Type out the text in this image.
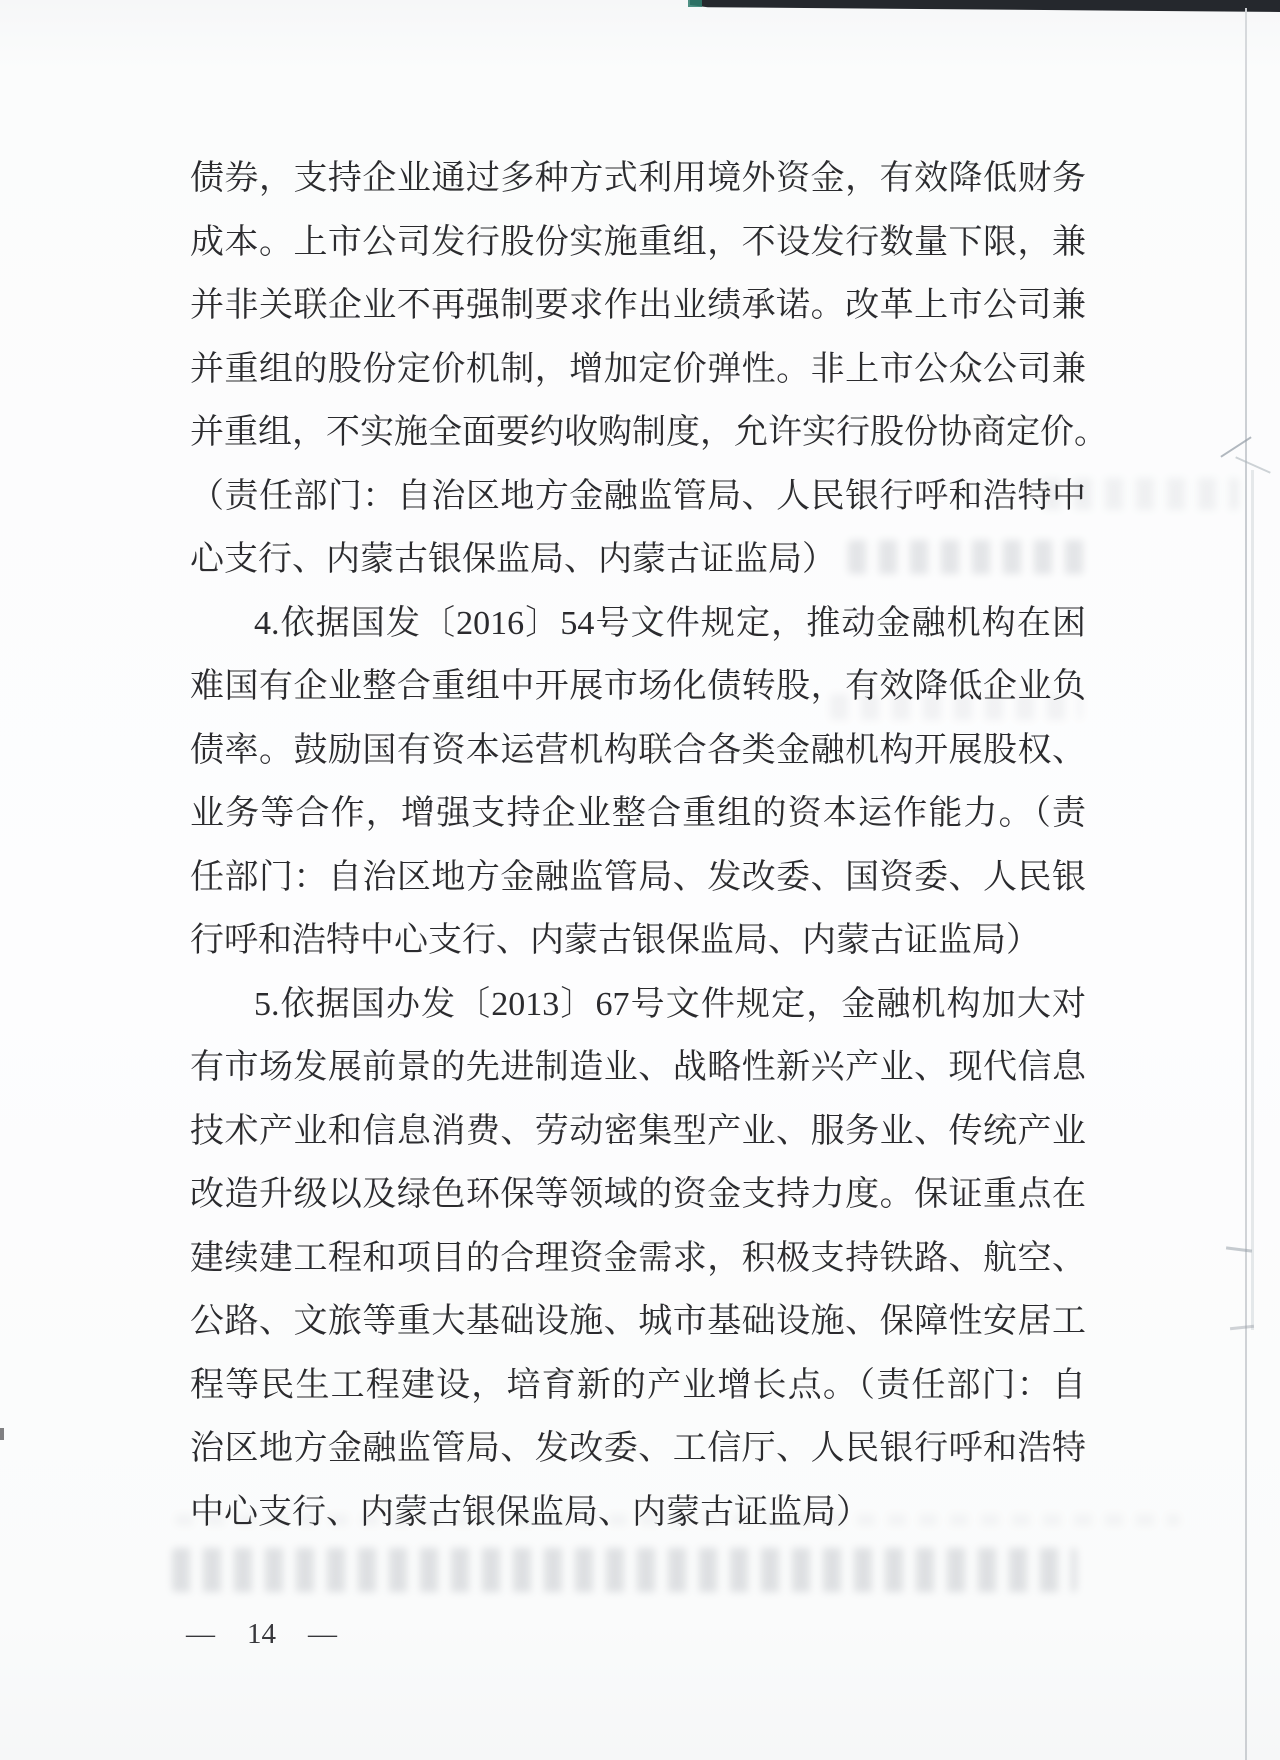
债券，支持企业通过多种方式利用境外资金，有效降低财务
成本。上市公司发行股份实施重组，不设发行数量下限，兼
并非关联企业不再强制要求作出业绩承诺。改革上市公司兼
并重组的股份定价机制，增加定价弹性。非上市公众公司兼
并重组，不实施全面要约收购制度，允许实行股份协商定价。
（责任部门：自治区地方金融监管局、人民银行呼和浩特中
心支行、内蒙古银保监局、内蒙古证监局）
4.依据国发〔2016〕54号文件规定，推动金融机构在困
难国有企业整合重组中开展市场化债转股，有效降低企业负
债率。鼓励国有资本运营机构联合各类金融机构开展股权、
业务等合作，增强支持企业整合重组的资本运作能力。（责
任部门：自治区地方金融监管局、发改委、国资委、人民银
行呼和浩特中心支行、内蒙古银保监局、内蒙古证监局）
5.依据国办发〔2013〕67号文件规定，金融机构加大对
有市场发展前景的先进制造业、战略性新兴产业、现代信息
技术产业和信息消费、劳动密集型产业、服务业、传统产业
改造升级以及绿色环保等领域的资金支持力度。保证重点在
建续建工程和项目的合理资金需求，积极支持铁路、航空、
公路、文旅等重大基础设施、城市基础设施、保障性安居工
程等民生工程建设，培育新的产业增长点。（责任部门：自
治区地方金融监管局、发改委、工信厅、人民银行呼和浩特
中心支行、内蒙古银保监局、内蒙古证监局）
— 14 —
